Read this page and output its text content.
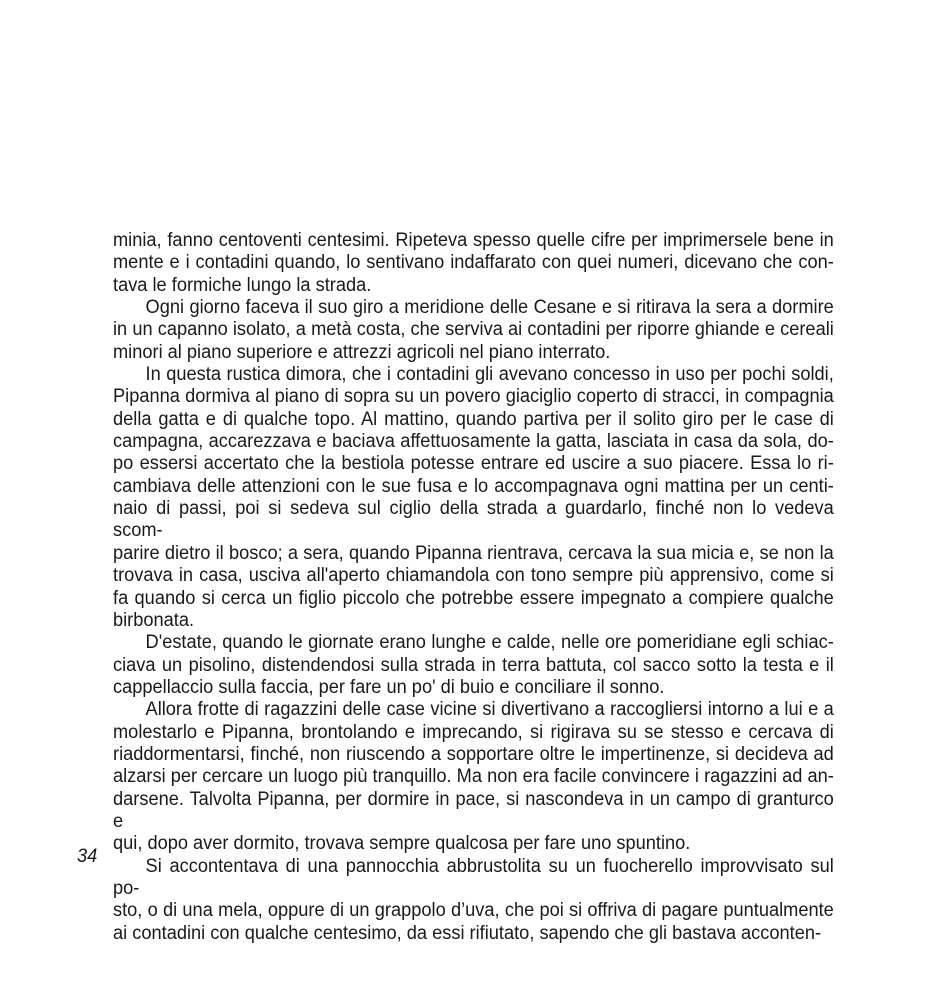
minia, fanno centoventi centesimi. Ripeteva spesso quelle cifre per imprimersele bene in
mente e i contadini quando, lo sentivano indaffarato con quei numeri, dicevano che con-
tava le formiche lungo la strada.

Ogni giorno faceva il suo giro a meridione delle Cesane e si ritirava la sera a dormire
in un capanno isolato, a metà costa, che serviva ai contadini per riporre ghiande e cereali
minori al piano superiore e attrezzi agricoli nel piano interrato.

In questa rustica dimora, che i contadini gli avevano concesso in uso per pochi soldi,
Pipanna dormiva al piano di sopra su un povero giaciglio coperto di stracci, in compagnia
della gatta e di qualche topo. Al mattino, quando partiva per il solito giro per le case di
campagna, accarezzava e baciava affettuosamente la gatta, lasciata in casa da sola, do-
po essersi accertato che la bestiola potesse entrare ed uscire a suo piacere. Essa lo ri-
cambiava delle attenzioni con le sue fusa e lo accompagnava ogni mattina per un centi-
naio di passi, poi si sedeva sul ciglio della strada a guardarlo, finché non lo vedeva scom-
parire dietro il bosco; a sera, quando Pipanna rientrava, cercava la sua micia e, se non la
trovava in casa, usciva all'aperto chiamandola con tono sempre più apprensivo, come si
fa quando si cerca un figlio piccolo che potrebbe essere impegnato a compiere qualche
birbonata.

D'estate, quando le giornate erano lunghe e calde, nelle ore pomeridiane egli schiac-
ciava un pisolino, distendendosi sulla strada in terra battuta, col sacco sotto la testa e il
cappellaccio sulla faccia, per fare un po' di buio e conciliare il sonno.

Allora frotte di ragazzini delle case vicine si divertivano a raccogliersi intorno a lui e a
molestarlo e Pipanna, brontolando e imprecando, si rigirava su se stesso e cercava di
riaddormentarsi, finché, non riuscendo a sopportare oltre le impertinenze, si decideva ad
alzarsi per cercare un luogo più tranquillo. Ma non era facile convincere i ragazzini ad an-
darsene. Talvolta Pipanna, per dormire in pace, si nascondeva in un campo di granturco e
qui, dopo aver dormito, trovava sempre qualcosa per fare uno spuntino.

Si accontentava di una pannocchia abbrustolita su un fuocherello improvvisato sul po-
sto, o di una mela, oppure di un grappolo d’uva, che poi si offriva di pagare puntualmente
ai contadini con qualche centesimo, da essi rifiutato, sapendo che gli bastava acconten-

34
